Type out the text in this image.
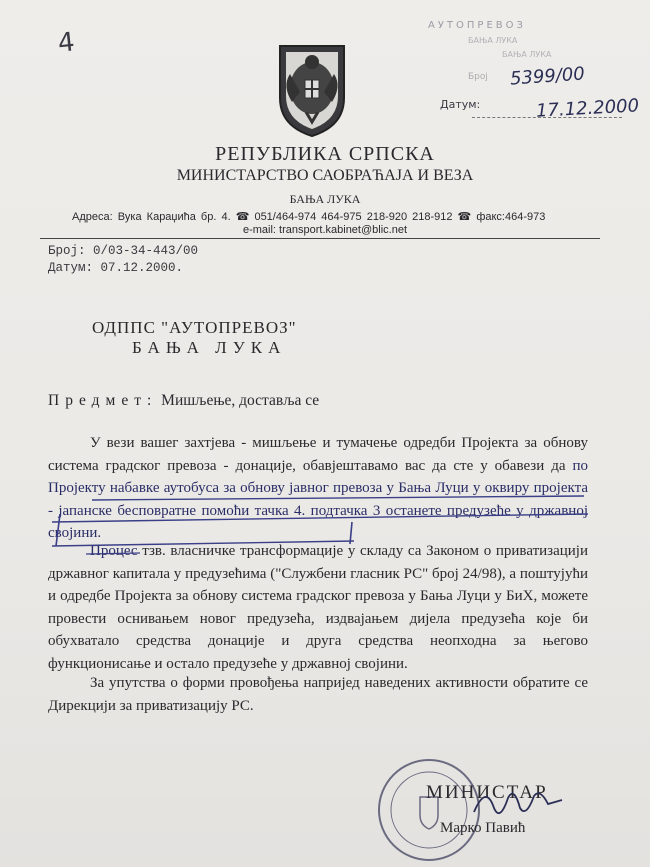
4
АУТОПРЕВОЗ
БАЊА ЛУКА
БАЊА ЛУКА
Број 5399/00
Датум:	17.12.2000
РЕПУБЛИКА СРПСКА
МИНИСТАРСТВО САОБРАЋАЈА И ВЕЗА
БАЊА ЛУКА
Адреса: Вука Караџића бр. 4. ☎ 051/464-974 464-975 218-920 218-912 ☎ факс:464-973
e-mail: transport.kabinet@blic.net
Број: 0/03-34-443/00
Датум: 07.12.2000.
ОДППС "АУТОПРЕВОЗ"
БАЊА ЛУКА
Предмет: Мишљење, доставља се

У вези вашег захтјева - мишљење и тумачење одредби Пројекта за обнову система градског превоза - донације, обавјештавамо вас да сте у обавези да по Пројекту набавке аутобуса за обнову јавног превоза у Бања Луци у оквиру пројекта - јапанске бесповратне помоћи тачка 4. подтачка 3 останете предузеће у државној својини.

Процес тзв. власничке трансформације у складу са Законом о приватизацији државног капитала у предузећима ("Службени гласник РС" број 24/98), а поштујући и одредбе Пројекта за обнову система градског превоза у Бања Луци у БиХ, можете провести оснивањем новог предузећа, издвајањем дијела предузећа које би обухватало средства донације и друга средства неопходна за његово функционисање и остало предузеће у државној својини.

За упутства о форми провођења напријед наведених активности обратите се Дирекцији за приватизацију РС.

МИНИСТАР
Марко Павић
